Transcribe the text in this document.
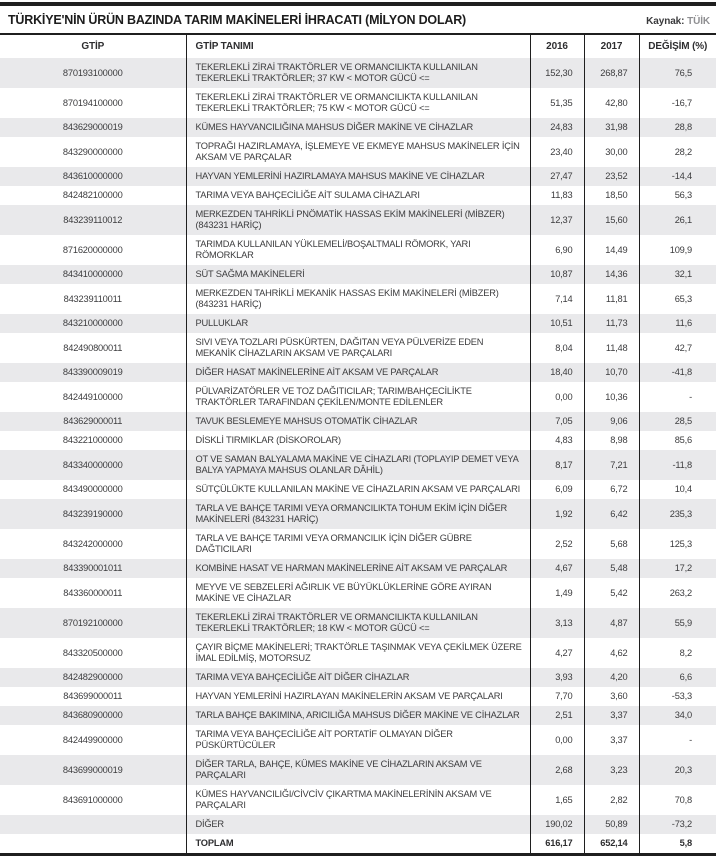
TÜRKİYE'NİN ÜRÜN BAZINDA TARIM MAKİNELERİ İHRACATI (MİLYON DOLAR)	Kaynak: TÜİK
GTİP	GTİP TANIMI	2016	2017	DEĞİŞİM (%)
870193100000	TEKERLEKLİ ZİRAİ TRAKTÖRLER VE ORMANCILIKTA KULLANILAN TEKERLEKLİ TRAKTÖRLER; 37 KW < MOTOR GÜCÜ <=	152,30	268,87	76,5
870194100000	TEKERLEKLİ ZİRAİ TRAKTÖRLER VE ORMANCILIKTA KULLANILAN TEKERLEKLİ TRAKTÖRLER; 75 KW < MOTOR GÜCÜ <=	51,35	42,80	-16,7
843629000019	KÜMES HAYVANCILIĞINA MAHSUS DİĞER MAKİNE VE CİHAZLAR	24,83	31,98	28,8
843290000000	TOPRAĞI HAZIRLAMAYA, İŞLEMEYE VE EKMEYE MAHSUS MAKİNELER İÇİN AKSAM VE PARÇALAR	23,40	30,00	28,2
843610000000	HAYVAN YEMLERİNİ HAZIRLAMAYA MAHSUS MAKİNE VE CİHAZLAR	27,47	23,52	-14,4
842482100000	TARIMA VEYA BAHÇECİLİĞE AİT SULAMA CİHAZLARI	11,83	18,50	56,3
843239110012	MERKEZDEN TAHRİKLİ PNÖMATİK HASSAS EKİM MAKİNELERİ (MİBZER) (843231 HARİÇ)	12,37	15,60	26,1
871620000000	TARIMDA KULLANILAN YÜKLEMELİ/BOŞALTMALI RÖMORK, YARI RÖMORKLAR	6,90	14,49	109,9
843410000000	SÜT SAĞMA MAKİNELERİ	10,87	14,36	32,1
843239110011	MERKEZDEN TAHRİKLİ MEKANİK HASSAS EKİM MAKİNELERİ (MİBZER) (843231 HARİÇ)	7,14	11,81	65,3
843210000000	PULLUKLAR	10,51	11,73	11,6
842490800011	SIVI VEYA TOZLARI PÜSKÜRTEN, DAĞITAN VEYA PÜLVERİZE EDEN MEKANİK CİHAZLARIN AKSAM VE PARÇALARI	8,04	11,48	42,7
843390009019	DİĞER HASAT MAKİNELERİNE AİT AKSAM VE PARÇALAR	18,40	10,70	-41,8
842449100000	PÜLVARİZATÖRLER VE TOZ DAĞITICILAR; TARIM/BAHÇECİLİKTE TRAKTÖRLER TARAFINDAN ÇEKİLEN/MONTE EDİLENLER	0,00	10,36	-
843629000011	TAVUK BESLEMEYE MAHSUS OTOMATİK CİHAZLAR	7,05	9,06	28,5
843221000000	DİSKLİ TIRMIKLAR (DİSKOROLAR)	4,83	8,98	85,6
843340000000	OT VE SAMAN BALYALAMA MAKİNE VE CİHAZLARI (TOPLAYIP DEMET VEYA BALYA YAPMAYA MAHSUS OLANLAR DÂHİL)	8,17	7,21	-11,8
843490000000	SÜTÇÜLÜKTE KULLANILAN MAKİNE VE CİHAZLARIN AKSAM VE PARÇALARI	6,09	6,72	10,4
843239190000	TARLA VE BAHÇE TARIMI VEYA ORMANCILIKTA TOHUM EKİM İÇİN DİĞER MAKİNELERİ (843231 HARİÇ)	1,92	6,42	235,3
843242000000	TARLA VE BAHÇE TARIMI VEYA ORMANCILIK İÇİN DİĞER GÜBRE DAĞTICILARI	2,52	5,68	125,3
843390001011	KOMBİNE HASAT VE HARMAN MAKİNELERİNE AİT AKSAM VE PARÇALAR	4,67	5,48	17,2
843360000011	MEYVE VE SEBZELERİ AĞIRLIK VE BÜYÜKLÜKLERİNE GÖRE AYIRAN MAKİNE VE CİHAZLAR	1,49	5,42	263,2
870192100000	TEKERLEKLİ ZİRAİ TRAKTÖRLER VE ORMANCILIKTA KULLANILAN TEKERLEKLİ TRAKTÖRLER; 18 KW < MOTOR GÜCÜ <=	3,13	4,87	55,9
843320500000	ÇAYIR BİÇME MAKİNELERİ; TRAKTÖRLE TAŞINMAK VEYA ÇEKİLMEK ÜZERE İMAL EDİLMİŞ, MOTORSUZ	4,27	4,62	8,2
842482900000	TARIMA VEYA BAHÇECİLİĞE AİT DİĞER CİHAZLAR	3,93	4,20	6,6
843699000011	HAYVAN YEMLERİNİ HAZIRLAYAN MAKİNELERİN AKSAM VE PARÇALARI	7,70	3,60	-53,3
843680900000	TARLA BAHÇE BAKIMINA, ARICILIĞA MAHSUS DİĞER MAKİNE VE CİHAZLAR	2,51	3,37	34,0
842449900000	TARIMA VEYA BAHÇECİLİĞE AİT PORTATİF OLMAYAN DİĞER PÜSKÜRTÜCÜLER	0,00	3,37	-
843699000019	DİĞER TARLA, BAHÇE, KÜMES MAKİNE VE CİHAZLARIN AKSAM VE PARÇALARI	2,68	3,23	20,3
843691000000	KÜMES HAYVANCILIĞI/CİVCİV ÇIKARTMA MAKİNELERİNİN AKSAM VE PARÇALARI	1,65	2,82	70,8
	DİĞER	190,02	50,89	-73,2
	TOPLAM	616,17	652,14	5,8
